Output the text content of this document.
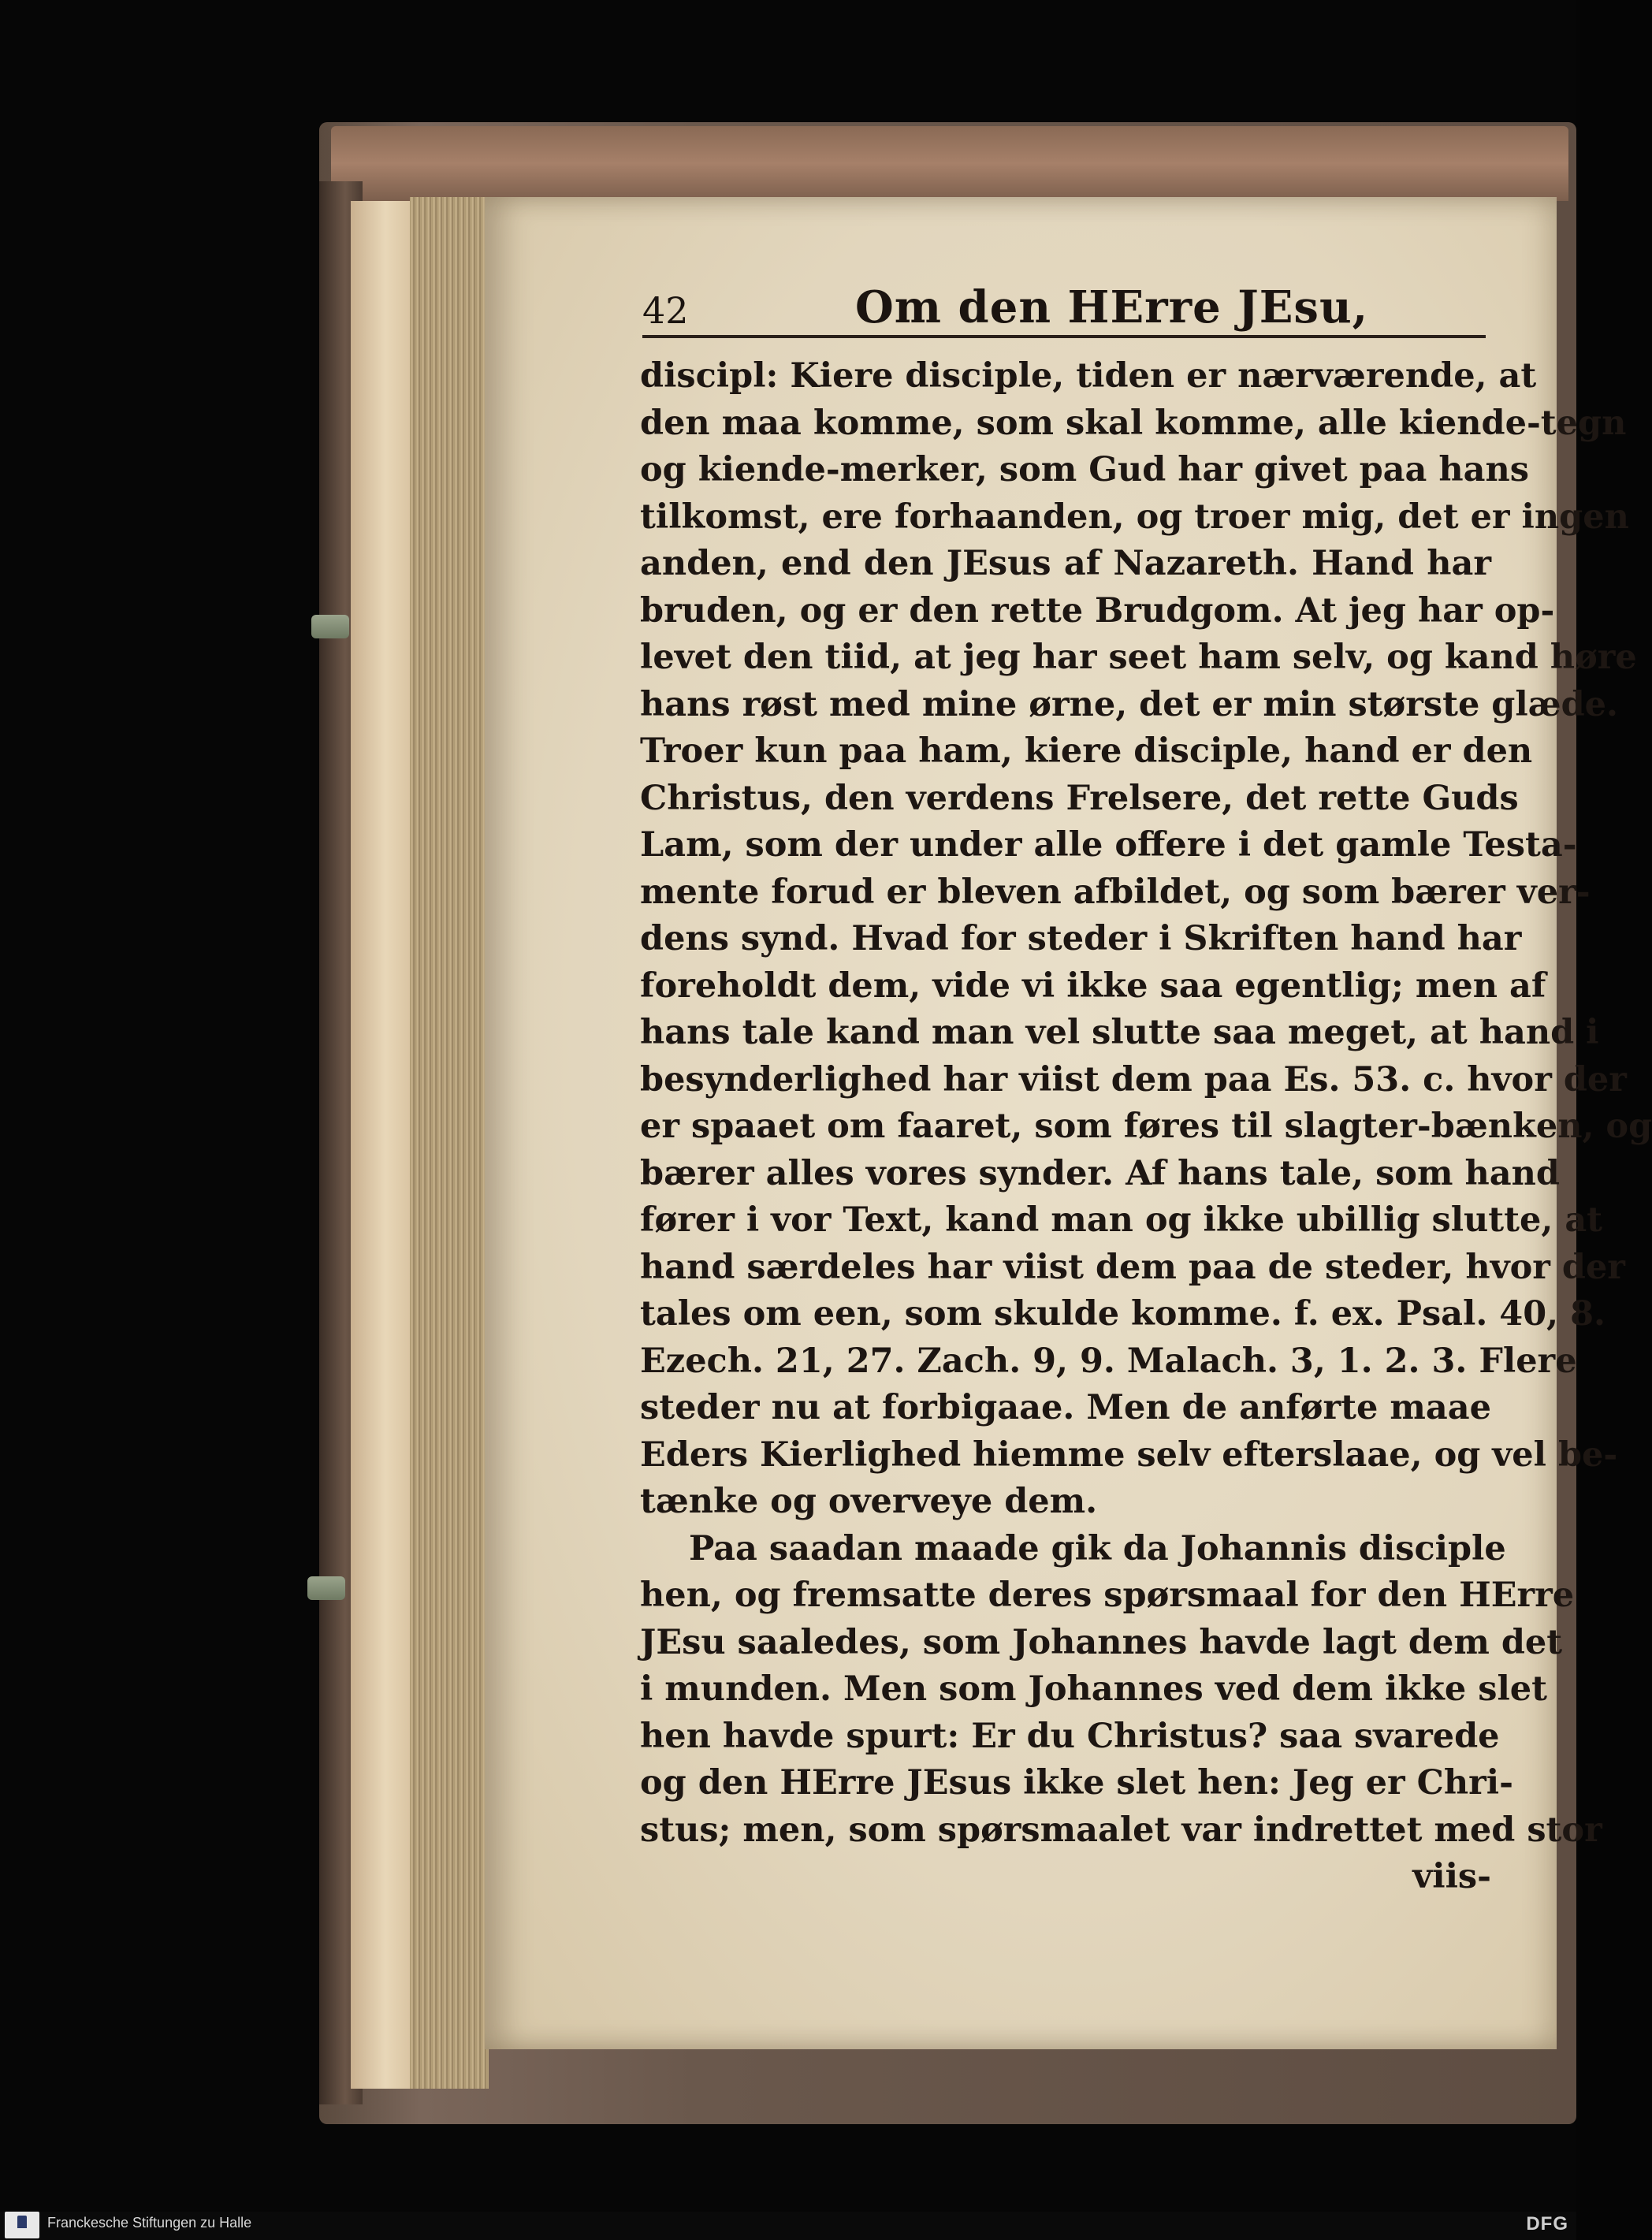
42	Om den HErre JEsu,
discipl: Kiere disciple, tiden er nærværende, at
den maa komme, som skal komme, alle kiende-tegn
og kiende-merker, som Gud har givet paa hans
tilkomst, ere forhaanden, og troer mig, det er ingen
anden, end den JEsus af Nazareth. Hand har
bruden, og er den rette Brudgom. At jeg har op-
levet den tiid, at jeg har seet ham selv, og kand høre
hans røst med mine ørne, det er min største glæde.
Troer kun paa ham, kiere disciple, hand er den
Christus, den verdens Frelsere, det rette Guds
Lam, som der under alle offere i det gamle Testa-
mente forud er bleven afbildet, og som bærer ver-
dens synd. Hvad for steder i Skriften hand har
foreholdt dem, vide vi ikke saa egentlig; men af
hans tale kand man vel slutte saa meget, at hand i
besynderlighed har viist dem paa Es. 53. c. hvor der
er spaaet om faaret, som føres til slagter-bænken, og
bærer alles vores synder. Af hans tale, som hand
fører i vor Text, kand man og ikke ubillig slutte, at
hand særdeles har viist dem paa de steder, hvor der
tales om een, som skulde komme. f. ex. Psal. 40, 8.
Ezech. 21, 27. Zach. 9, 9. Malach. 3, 1. 2. 3. Flere
steder nu at forbigaae. Men de anførte maae
Eders Kierlighed hiemme selv efterslaae, og vel be-
tænke og overveye dem.
Paa saadan maade gik da Johannis disciple
hen, og fremsatte deres spørsmaal for den HErre
JEsu saaledes, som Johannes havde lagt dem det
i munden. Men som Johannes ved dem ikke slet
hen havde spurt: Er du Christus? saa svarede
og den HErre JEsus ikke slet hen: Jeg er Chri-
stus; men, som spørsmaalet var indrettet med stor
viis-
Franckesche Stiftungen zu Halle	DFG
